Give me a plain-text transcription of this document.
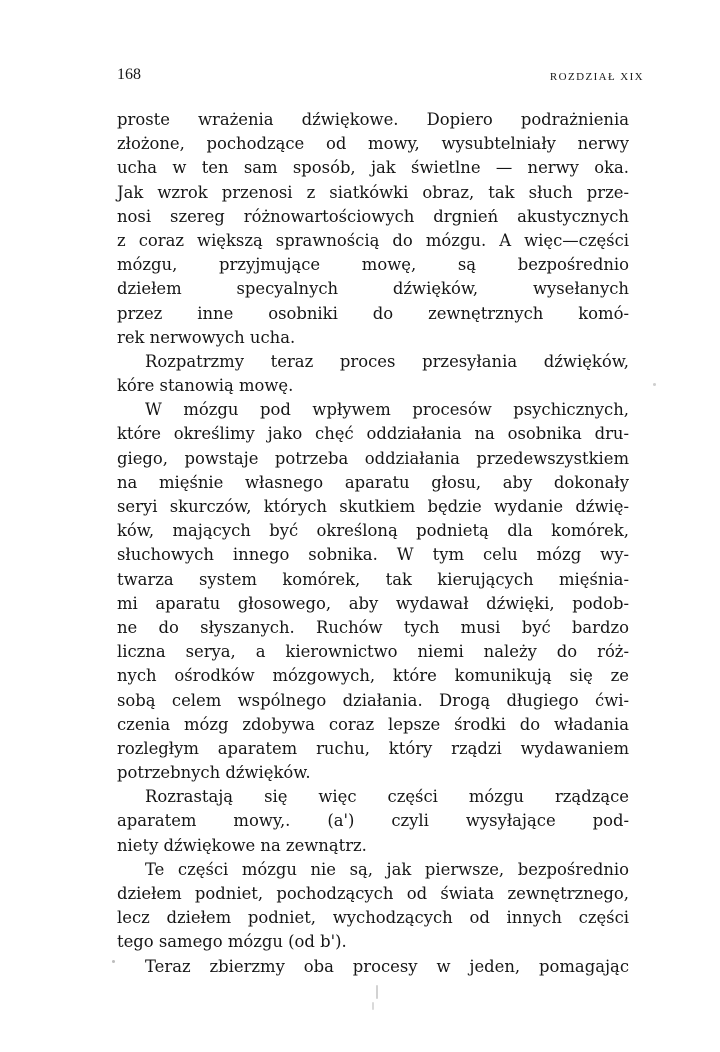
168	ROZDZIAŁ XIX

proste wrażenia dźwiękowe. Dopiero podrażnienia
złożone, pochodzące od mowy, wysubtelniały nerwy
ucha w ten sam sposób, jak świetlne — nerwy oka.
Jak wzrok przenosi z siatkówki obraz, tak słuch prze-
nosi szereg różnowartościowych drgnień akustycznych
z coraz większą sprawnością do mózgu. A więc—części
mózgu, przyjmujące mowę, są bezpośrednio
dziełem specyalnych dźwięków, wysełanych
przez inne osobniki do zewnętrznych komó-
rek nerwowych ucha.

Rozpatrzmy teraz proces przesyłania dźwięków,
kóre stanowią mowę.

W mózgu pod wpływem procesów psychicznych,
które określimy jako chęć oddziałania na osobnika dru-
giego, powstaje potrzeba oddziałania przedewszystkiem
na mięśnie własnego aparatu głosu, aby dokonały
seryi skurczów, których skutkiem będzie wydanie dźwię-
ków, mających być określoną podnietą dla komórek,
słuchowych innego sobnika. W tym celu mózg wy-
twarza system komórek, tak kierujących mięśnia-
mi aparatu głosowego, aby wydawał dźwięki, podob-
ne do słyszanych. Ruchów tych musi być bardzo
liczna serya, a kierownictwo niemi należy do róż-
nych ośrodków mózgowych, które komunikują się ze
sobą celem wspólnego działania. Drogą długiego ćwi-
czenia mózg zdobywa coraz lepsze środki do władania
rozległym aparatem ruchu, który rządzi wydawaniem
potrzebnych dźwięków.

Rozrastają się więc części mózgu rządzące
aparatem mowy,. (a') czyli wysyłające pod-
niety dźwiękowe na zewnątrz.

Te części mózgu nie są, jak pierwsze, bezpośrednio
dziełem podniet, pochodzących od świata zewnętrznego,
lecz dziełem podniet, wychodzących od innych części
tego samego mózgu (od b').

Teraz zbierzmy oba procesy w jeden, pomagając
